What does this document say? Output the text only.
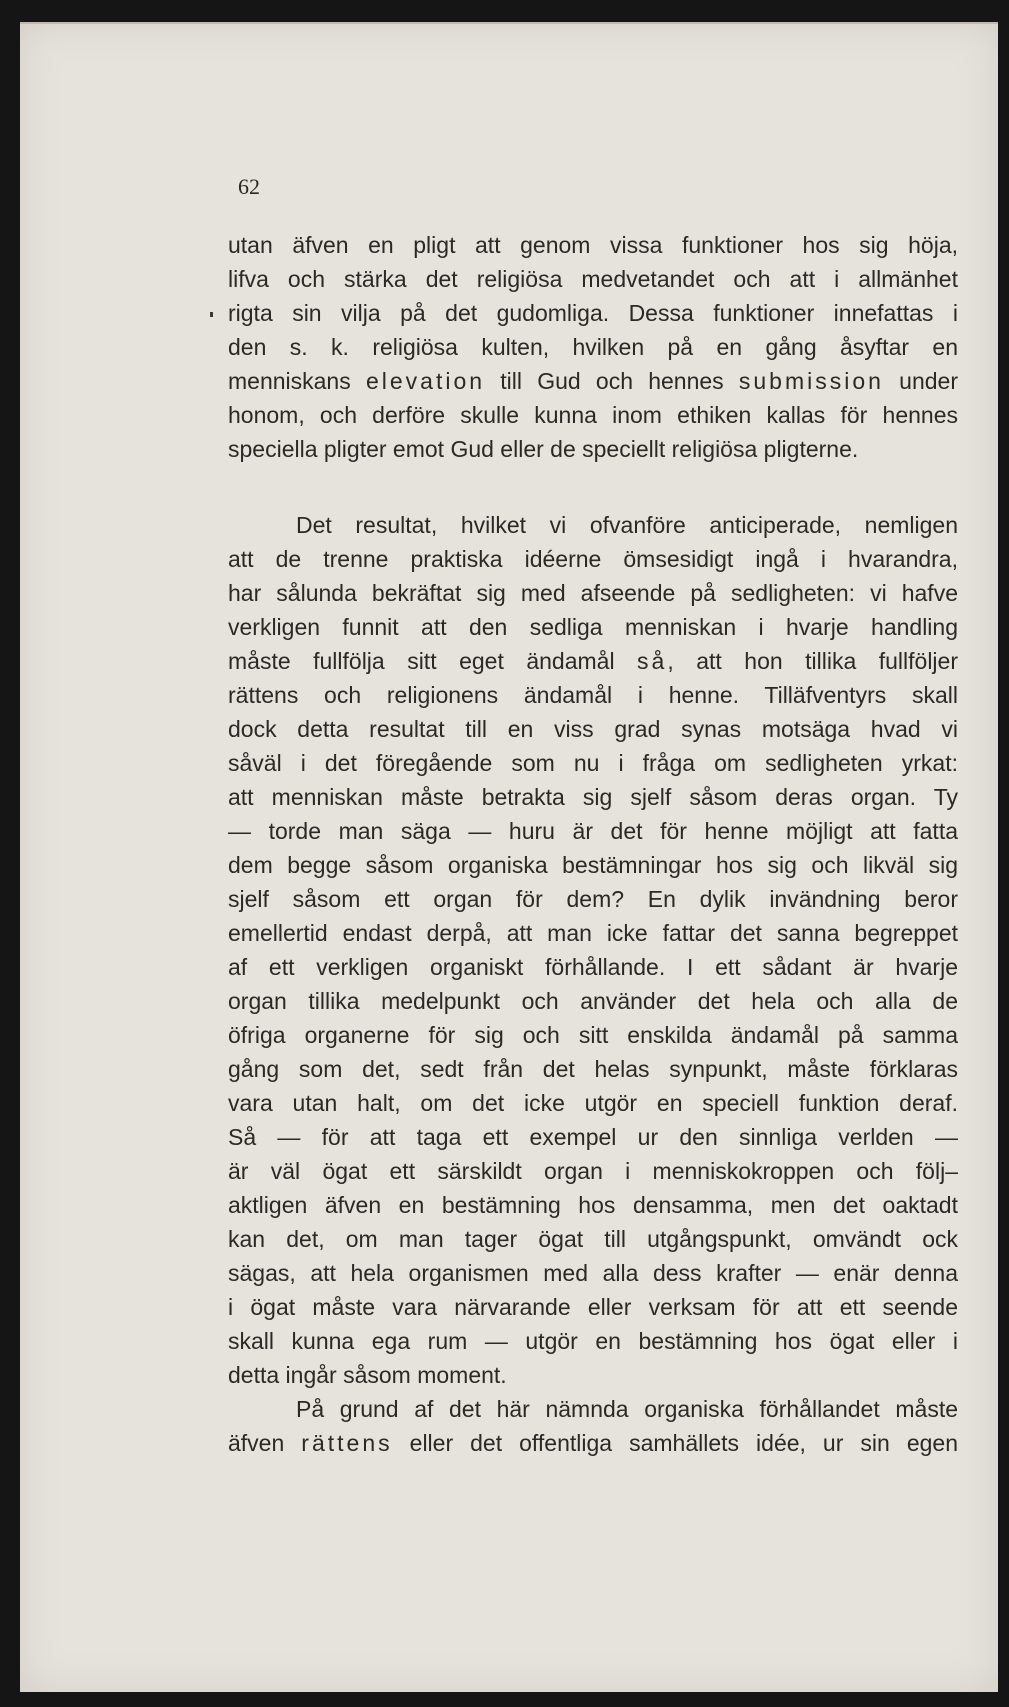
62

utan äfven en pligt att genom vissa funktioner hos sig höja,
lifva och stärka det religiösa medvetandet och att i allmänhet
rigta sin vilja på det gudomliga. Dessa funktioner innefattas i
den s. k. religiösa kulten, hvilken på en gång åsyftar en
menniskans elevation till Gud och hennes submission under
honom, och derföre skulle kunna inom ethiken kallas för hennes
speciella pligter emot Gud eller de speciellt religiösa pligterne.
Det resultat, hvilket vi ofvanföre anticiperade, nemligen
att de trenne praktiska idéerne ömsesidigt ingå i hvarandra,
har sålunda bekräftat sig med afseende på sedligheten: vi hafve
verkligen funnit att den sedliga menniskan i hvarje handling
måste fullfölja sitt eget ändamål så, att hon tillika fullföljer
rättens och religionens ändamål i henne. Tilläfventyrs skall
dock detta resultat till en viss grad synas motsäga hvad vi
såväl i det föregående som nu i fråga om sedligheten yrkat:
att menniskan måste betrakta sig sjelf såsom deras organ. Ty
— torde man säga — huru är det för henne möjligt att fatta
dem begge såsom organiska bestämningar hos sig och likväl sig
sjelf såsom ett organ för dem? En dylik invändning beror
emellertid endast derpå, att man icke fattar det sanna begreppet
af ett verkligen organiskt förhållande. I ett sådant är hvarje
organ tillika medelpunkt och använder det hela och alla de
öfriga organerne för sig och sitt enskilda ändamål på samma
gång som det, sedt från det helas synpunkt, måste förklaras
vara utan halt, om det icke utgör en speciell funktion deraf.
Så — för att taga ett exempel ur den sinnliga verlden —
är väl ögat ett särskildt organ i menniskokroppen och följ–
aktligen äfven en bestämning hos densamma, men det oaktadt
kan det, om man tager ögat till utgångspunkt, omvändt ock
sägas, att hela organismen med alla dess krafter — enär denna
i ögat måste vara närvarande eller verksam för att ett seende
skall kunna ega rum — utgör en bestämning hos ögat eller i
detta ingår såsom moment.
På grund af det här nämnda organiska förhållandet måste
äfven rättens eller det offentliga samhällets idée, ur sin egen
